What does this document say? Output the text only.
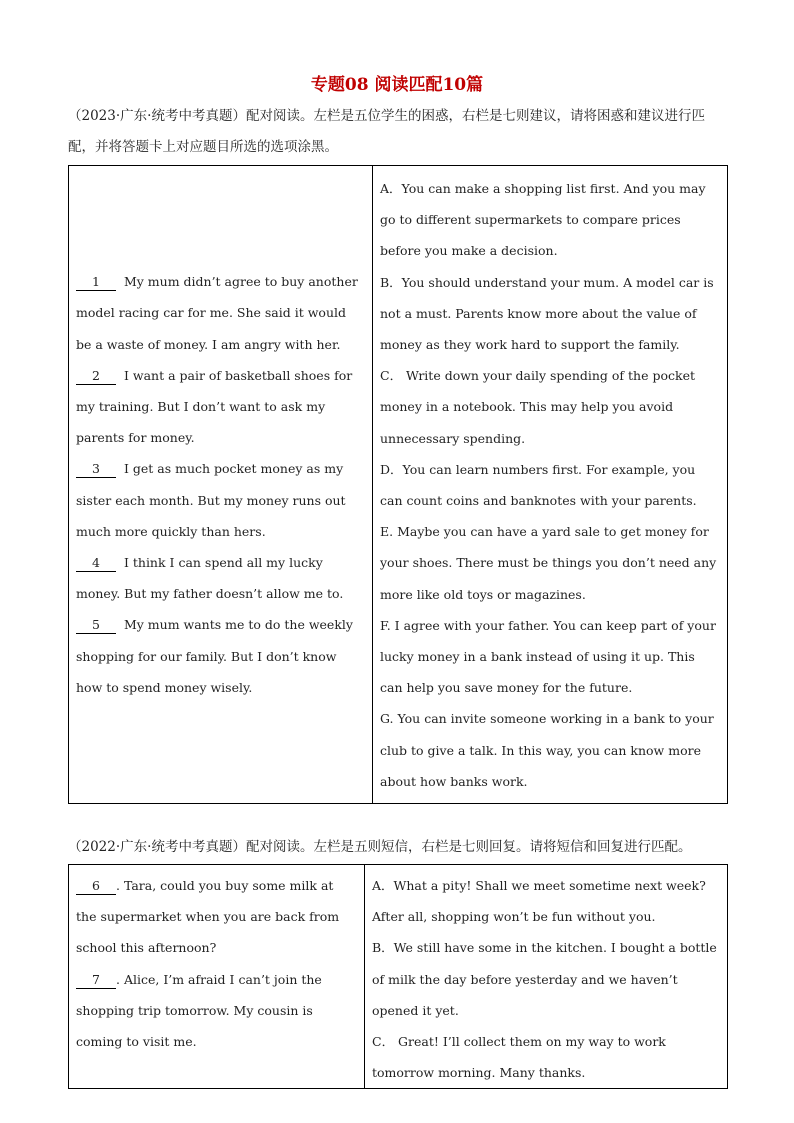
专题08 阅读匹配10篇
（2023·广东·统考中考真题）配对阅读。左栏是五位学生的困惑，右栏是七则建议，请将困惑和建议进行匹配，并将答题卡上对应题目所选的选项涂黑。

1 My mum didn’t agree to buy another model racing car for me. She said it would be a waste of money. I am angry with her.

2 I want a pair of basketball shoes for my training. But I don’t want to ask my parents for money.

3 I get as much pocket money as my sister each month. But my money runs out much more quickly than hers.

4 I think I can spend all my lucky money. But my father doesn’t allow me to.

5 My mum wants me to do the weekly shopping for our family. But I don’t know how to spend money wisely.

A．You can make a shopping list first. And you may go to different supermarkets to compare prices before you make a decision.

B．You should understand your mum. A model car is not a must. Parents know more about the value of money as they work hard to support the family.

C． Write down your daily spending of the pocket money in a notebook. This may help you avoid unnecessary spending.

D．You can learn numbers first. For example, you can count coins and banknotes with your parents.

E. Maybe you can have a yard sale to get money for your shoes. There must be things you don’t need any more like old toys or magazines.

F. I agree with your father. You can keep part of your lucky money in a bank instead of using it up. This can help you save money for the future.

G. You can invite someone working in a bank to your club to give a talk. In this way, you can know more about how banks work.

（2022·广东·统考中考真题）配对阅读。左栏是五则短信，右栏是七则回复。请将短信和回复进行匹配。

6 . Tara, could you buy some milk at the supermarket when you are back from school this afternoon?

7 . Alice, I’m afraid I can’t join the shopping trip tomorrow. My cousin is coming to visit me.

A．What a pity! Shall we meet sometime next week? After all, shopping won’t be fun without you.

B．We still have some in the kitchen. I bought a bottle of milk the day before yesterday and we haven’t opened it yet.

C． Great! I’ll collect them on my way to work tomorrow morning. Many thanks.
